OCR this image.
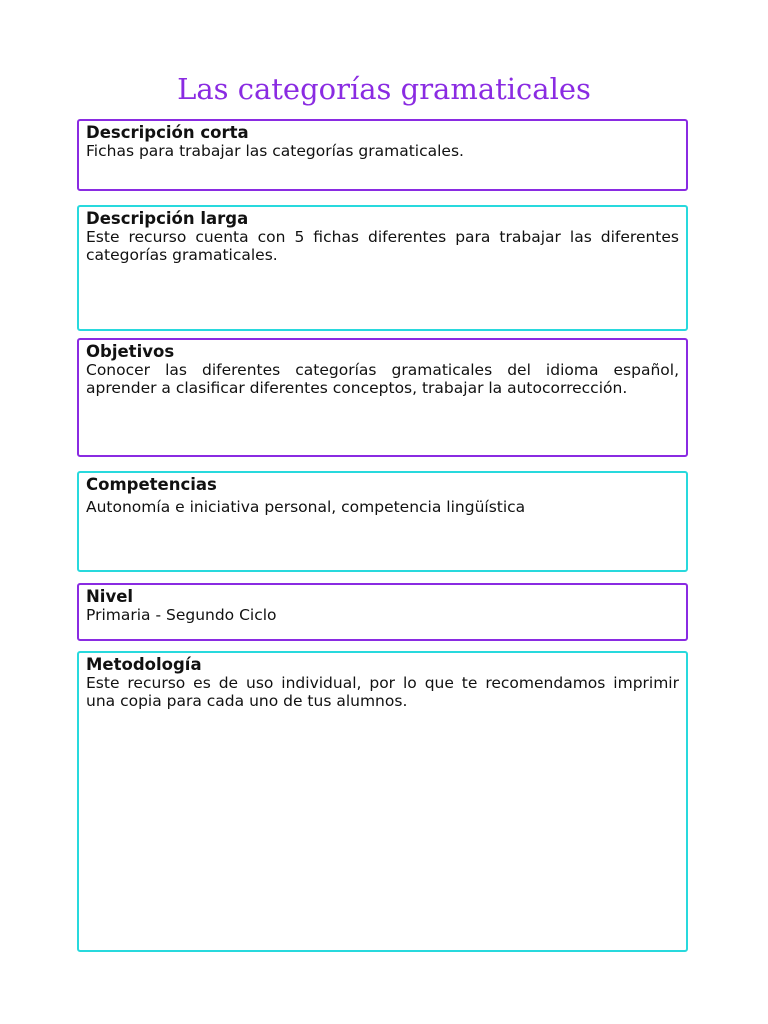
Las categorías gramaticales

Descripción corta

Fichas para trabajar las categorías gramaticales.

Descripción larga

Este recurso cuenta con 5 fichas diferentes para trabajar las diferentes categorías gramaticales.

Objetivos

Conocer las diferentes categorías gramaticales del idioma español, aprender a clasificar diferentes conceptos, trabajar la autocorrección.

Competencias

Autonomía e iniciativa personal, competencia lingüística

Nivel

Primaria - Segundo Ciclo

Metodología

Este recurso es de uso individual, por lo que te recomendamos imprimir una copia para cada uno de tus alumnos.
